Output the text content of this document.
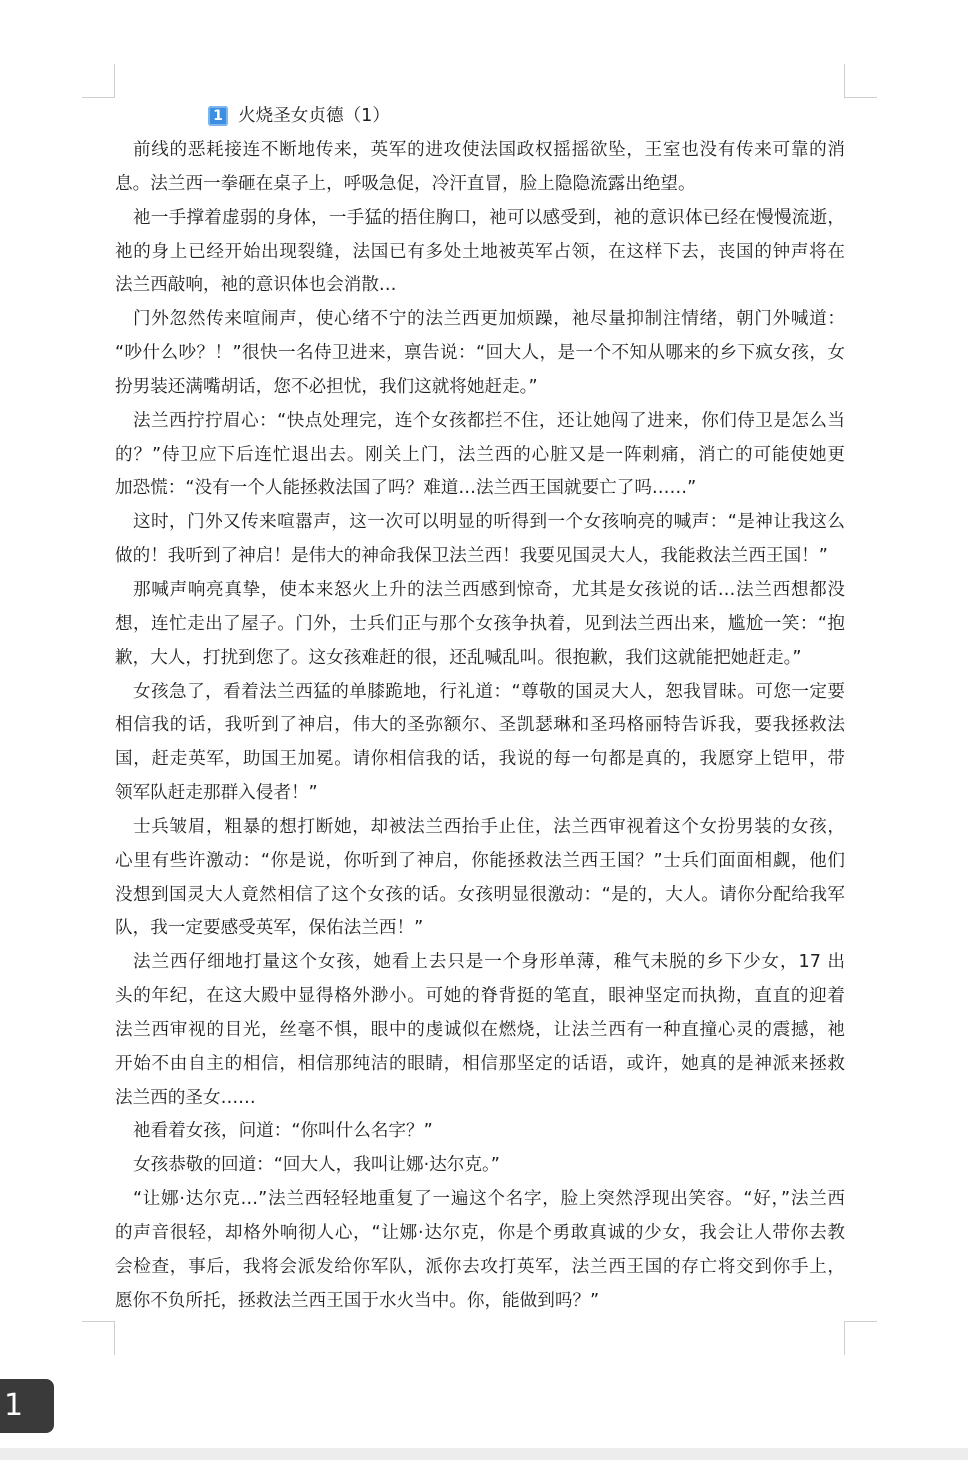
1 火烧圣女贞德（1）
前线的恶耗接连不断地传来，英军的进攻使法国政权摇摇欲坠，王室也没有传来可靠的消
息。法兰西一拳砸在桌子上，呼吸急促，冷汗直冒，脸上隐隐流露出绝望。
祂一手撑着虚弱的身体，一手猛的捂住胸口，祂可以感受到，祂的意识体已经在慢慢流逝，
祂的身上已经开始出现裂缝，法国已有多处土地被英军占领，在这样下去，丧国的钟声将在
法兰西敲响，祂的意识体也会消散…
门外忽然传来喧闹声，使心绪不宁的法兰西更加烦躁，祂尽量抑制注情绪，朝门外喊道：
“吵什么吵？！”很快一名侍卫进来，禀告说：“回大人，是一个不知从哪来的乡下疯女孩，女
扮男装还满嘴胡话，您不必担忧，我们这就将她赶走。”
法兰西拧拧眉心：“快点处理完，连个女孩都拦不住，还让她闯了进来，你们侍卫是怎么当
的？”侍卫应下后连忙退出去。刚关上门，法兰西的心脏又是一阵刺痛，消亡的可能使她更
加恐慌：“没有一个人能拯救法国了吗？难道…法兰西王国就要亡了吗……”
这时，门外又传来喧嚣声，这一次可以明显的听得到一个女孩响亮的喊声：“是神让我这么
做的！我听到了神启！是伟大的神命我保卫法兰西！我要见国灵大人，我能救法兰西王国！”
那喊声响亮真挚，使本来怒火上升的法兰西感到惊奇，尤其是女孩说的话…法兰西想都没
想，连忙走出了屋子。门外，士兵们正与那个女孩争执着，见到法兰西出来，尴尬一笑：“抱
歉，大人，打扰到您了。这女孩难赶的很，还乱喊乱叫。很抱歉，我们这就能把她赶走。”
女孩急了，看着法兰西猛的单膝跪地，行礼道：“尊敬的国灵大人，恕我冒昧。可您一定要
相信我的话，我听到了神启，伟大的圣弥额尔、圣凯瑟琳和圣玛格丽特告诉我，要我拯救法
国，赶走英军，助国王加冕。请你相信我的话，我说的每一句都是真的，我愿穿上铠甲，带
领军队赶走那群入侵者！”
士兵皱眉，粗暴的想打断她，却被法兰西抬手止住，法兰西审视着这个女扮男装的女孩，
心里有些许激动：“你是说，你听到了神启，你能拯救法兰西王国？”士兵们面面相觑，他们
没想到国灵大人竟然相信了这个女孩的话。女孩明显很激动：“是的，大人。请你分配给我军
队，我一定要感受英军，保佑法兰西！”
法兰西仔细地打量这个女孩，她看上去只是一个身形单薄，稚气未脱的乡下少女，17 出
头的年纪，在这大殿中显得格外渺小。可她的脊背挺的笔直，眼神坚定而执拗，直直的迎着
法兰西审视的目光，丝毫不惧，眼中的虔诚似在燃烧，让法兰西有一种直撞心灵的震撼，祂
开始不由自主的相信，相信那纯洁的眼睛，相信那坚定的话语，或许，她真的是神派来拯救
法兰西的圣女……
祂看着女孩，问道：“你叫什么名字？”
女孩恭敬的回道：“回大人，我叫让娜·达尔克。”
“让娜·达尔克…”法兰西轻轻地重复了一遍这个名字，脸上突然浮现出笑容。“好，”法兰西
的声音很轻，却格外响彻人心，“让娜·达尔克，你是个勇敢真诚的少女，我会让人带你去教
会检查，事后，我将会派发给你军队，派你去攻打英军，法兰西王国的存亡将交到你手上，
愿你不负所托，拯救法兰西王国于水火当中。你，能做到吗？”
1
